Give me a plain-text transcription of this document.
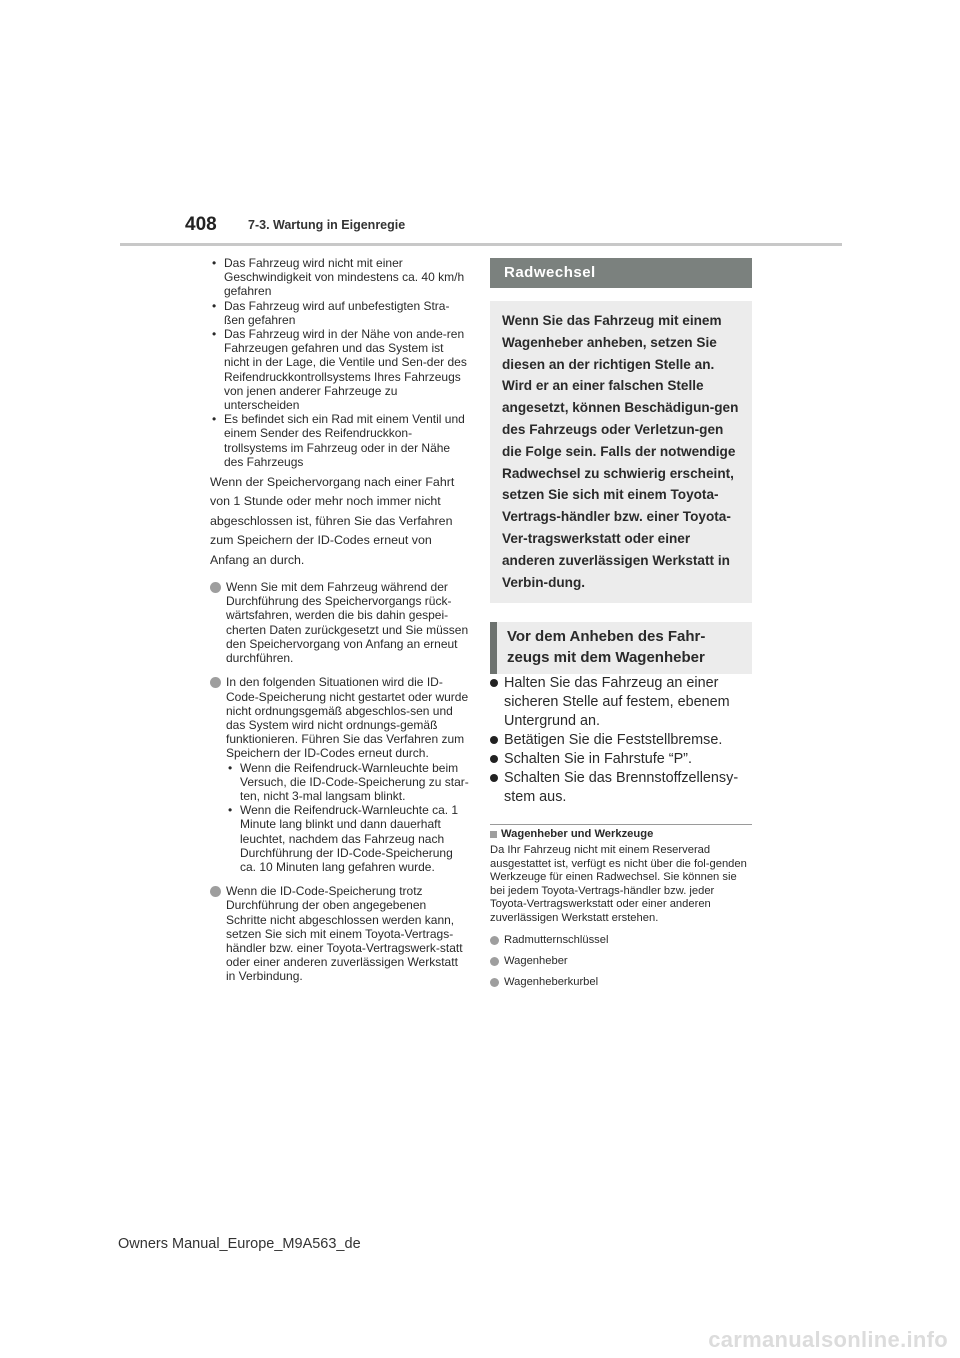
408	7-3. Wartung in Eigenregie
• Das Fahrzeug wird nicht mit einer Geschwindigkeit von mindestens ca. 40 km/h gefahren
• Das Fahrzeug wird auf unbefestigten Stra-ßen gefahren
• Das Fahrzeug wird in der Nähe von ande-ren Fahrzeugen gefahren und das System ist nicht in der Lage, die Ventile und Sen-der des Reifendruckkontrollsystems Ihres Fahrzeugs von jenen anderer Fahrzeuge zu unterscheiden
• Es befindet sich ein Rad mit einem Ventil und einem Sender des Reifendruckkon-trollsystems im Fahrzeug oder in der Nähe des Fahrzeugs
Wenn der Speichervorgang nach einer Fahrt von 1 Stunde oder mehr noch immer nicht abgeschlossen ist, führen Sie das Verfahren zum Speichern der ID-Codes erneut von Anfang an durch.
Wenn Sie mit dem Fahrzeug während der Durchführung des Speichervorgangs rück-wärtsfahren, werden die bis dahin gespei-cherten Daten zurückgesetzt und Sie müssen den Speichervorgang von Anfang an erneut durchführen.
In den folgenden Situationen wird die ID-Code-Speicherung nicht gestartet oder wurde nicht ordnungsgemäß abgeschlos-sen und das System wird nicht ordnungs-gemäß funktionieren. Führen Sie das Verfahren zum Speichern der ID-Codes erneut durch.
• Wenn die Reifendruck-Warnleuchte beim Versuch, die ID-Code-Speicherung zu star-ten, nicht 3-mal langsam blinkt.
• Wenn die Reifendruck-Warnleuchte ca. 1 Minute lang blinkt und dann dauerhaft leuchtet, nachdem das Fahrzeug nach Durchführung der ID-Code-Speicherung ca. 10 Minuten lang gefahren wurde.
Wenn die ID-Code-Speicherung trotz Durchführung der oben angegebenen Schritte nicht abgeschlossen werden kann, setzen Sie sich mit einem Toyota-Vertrags-händler bzw. einer Toyota-Vertragswerk-statt oder einer anderen zuverlässigen Werkstatt in Verbindung.
Radwechsel
Wenn Sie das Fahrzeug mit einem Wagenheber anheben, setzen Sie diesen an der richtigen Stelle an. Wird er an einer falschen Stelle angesetzt, können Beschädigun-gen des Fahrzeugs oder Verletzun-gen die Folge sein. Falls der notwendige Radwechsel zu schwierig erscheint, setzen Sie sich mit einem Toyota-Vertrags-händler bzw. einer Toyota-Ver-tragswerkstatt oder einer anderen zuverlässigen Werkstatt in Verbin-dung.
Vor dem Anheben des Fahr-zeugs mit dem Wagenheber
Halten Sie das Fahrzeug an einer sicheren Stelle auf festem, ebenem Untergrund an.
Betätigen Sie die Feststellbremse.
Schalten Sie in Fahrstufe “P”.
Schalten Sie das Brennstoffzellensy-stem aus.
Wagenheber und Werkzeuge
Da Ihr Fahrzeug nicht mit einem Reserverad ausgestattet ist, verfügt es nicht über die fol-genden Werkzeuge für einen Radwechsel. Sie können sie bei jedem Toyota-Vertrags-händler bzw. jeder Toyota-Vertragswerkstatt oder einer anderen zuverlässigen Werkstatt erstehen.
Radmutternschlüssel
Wagenheber
Wagenheberkurbel
Owners Manual_Europe_M9A563_de
carmanualsonline.info
